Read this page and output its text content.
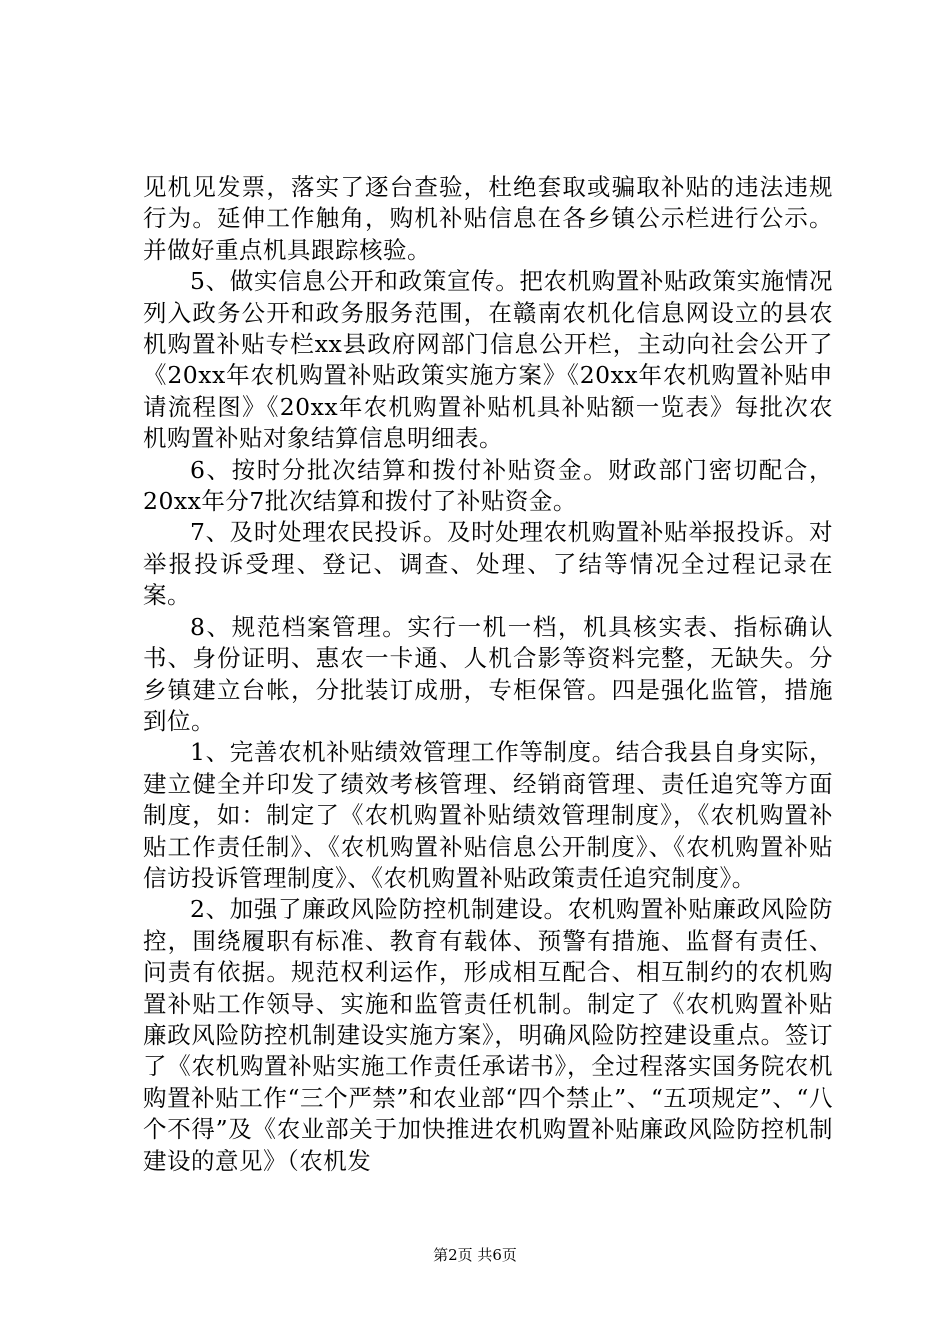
见机见发票，落实了逐台查验，杜绝套取或骗取补贴的违法违规行为。延伸工作触角，购机补贴信息在各乡镇公示栏进行公示。并做好重点机具跟踪核验。

5、做实信息公开和政策宣传。把农机购置补贴政策实施情况列入政务公开和政务服务范围，在赣南农机化信息网设立的县农机购置补贴专栏xx县政府网部门信息公开栏，主动向社会公开了《20xx年农机购置补贴政策实施方案》《20xx年农机购置补贴申请流程图》《20xx年农机购置补贴机具补贴额一览表》每批次农机购置补贴对象结算信息明细表。

6、按时分批次结算和拨付补贴资金。财政部门密切配合，20xx年分7批次结算和拨付了补贴资金。

7、及时处理农民投诉。及时处理农机购置补贴举报投诉。对举报投诉受理、登记、调查、处理、了结等情况全过程记录在案。

8、规范档案管理。实行一机一档，机具核实表、指标确认书、身份证明、惠农一卡通、人机合影等资料完整，无缺失。分乡镇建立台帐，分批装订成册，专柜保管。四是强化监管，措施到位。

1、完善农机补贴绩效管理工作等制度。结合我县自身实际，建立健全并印发了绩效考核管理、经销商管理、责任追究等方面制度，如：制定了《农机购置补贴绩效管理制度》，《农机购置补贴工作责任制》、《农机购置补贴信息公开制度》、《农机购置补贴信访投诉管理制度》、《农机购置补贴政策责任追究制度》。

2、加强了廉政风险防控机制建设。农机购置补贴廉政风险防控，围绕履职有标准、教育有载体、预警有措施、监督有责任、问责有依据。规范权利运作，形成相互配合、相互制约的农机购置补贴工作领导、实施和监管责任机制。制定了《农机购置补贴廉政风险防控机制建设实施方案》，明确风险防控建设重点。签订了《农机购置补贴实施工作责任承诺书》，全过程落实国务院农机购置补贴工作“三个严禁”和农业部“四个禁止”、“五项规定”、“八个不得”及《农业部关于加快推进农机购置补贴廉政风险防控机制建设的意见》（农机发

第2页 共6页
